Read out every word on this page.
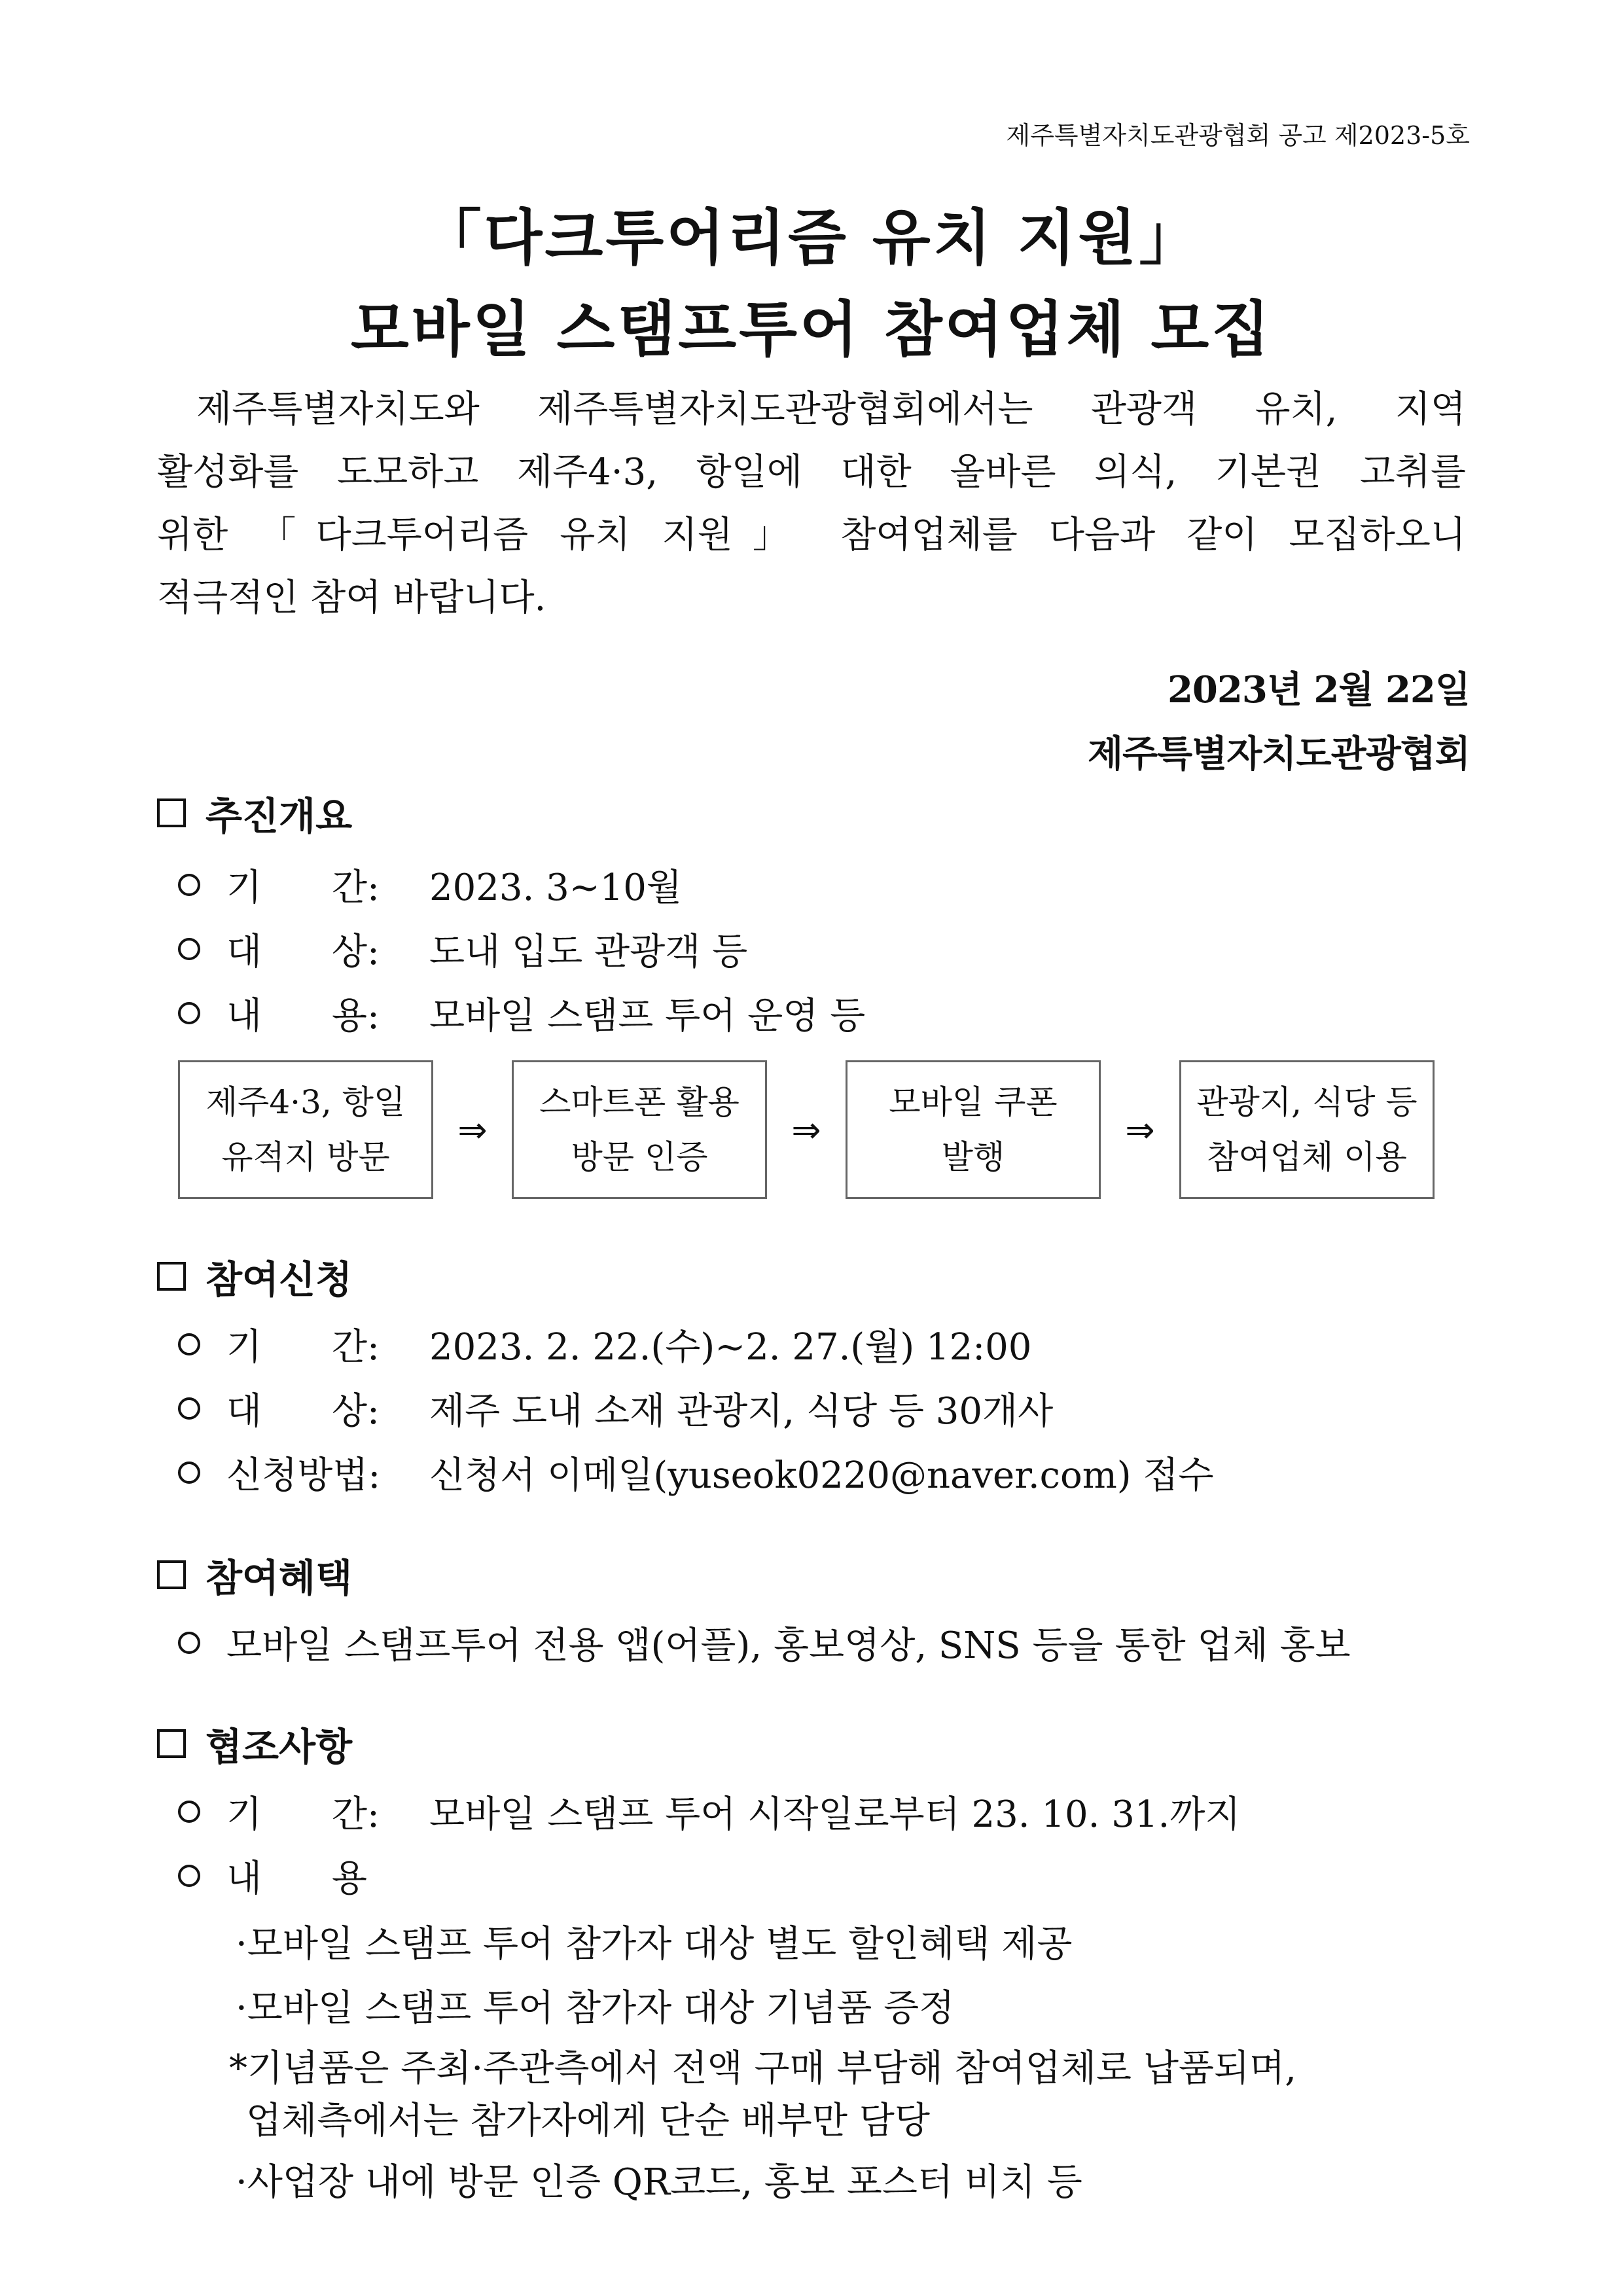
제주특별자치도관광협회 공고 제2023-5호
「다크투어리즘 유치 지원」
모바일 스탬프투어 참여업체 모집

제주특별자치도와 제주특별자치도관광협회에서는 관광객 유치, 지역

활성화를 도모하고 제주4·3, 항일에 대한 올바른 의식, 기본권 고취를

위한 「다크투어리즘 유치 지원」 참여업체를 다음과 같이 모집하오니

적극적인 참여 바랍니다.

2023년 2월 22일
제주특별자치도관광협회
추진개요
기      간:	2023. 3~10월
대      상:	도내 입도 관광객 등
내      용:	모바일 스탬프 투어 운영 등
제주4·3, 항일
유적지 방문
⇒
스마트폰 활용
방문 인증
⇒
모바일 쿠폰
발행
⇒
관광지, 식당 등
참여업체 이용
참여신청
기      간:	2023. 2. 22.(수)~2. 27.(월) 12:00
대      상:	제주 도내 소재 관광지, 식당 등 30개사
신청방법:	신청서 이메일(yuseok0220@naver.com) 접수
참여혜택
모바일 스탬프투어 전용 앱(어플), 홍보영상, SNS 등을 통한 업체 홍보
협조사항
기      간:	모바일 스탬프 투어 시작일로부터 23. 10. 31.까지
내      용
·모바일 스탬프 투어 참가자 대상 별도 할인혜택 제공
·모바일 스탬프 투어 참가자 대상 기념품 증정
*기념품은 주최·주관측에서 전액 구매 부담해 참여업체로 납품되며,
업체측에서는 참가자에게 단순 배부만 담당
·사업장 내에 방문 인증 QR코드, 홍보 포스터 비치 등
